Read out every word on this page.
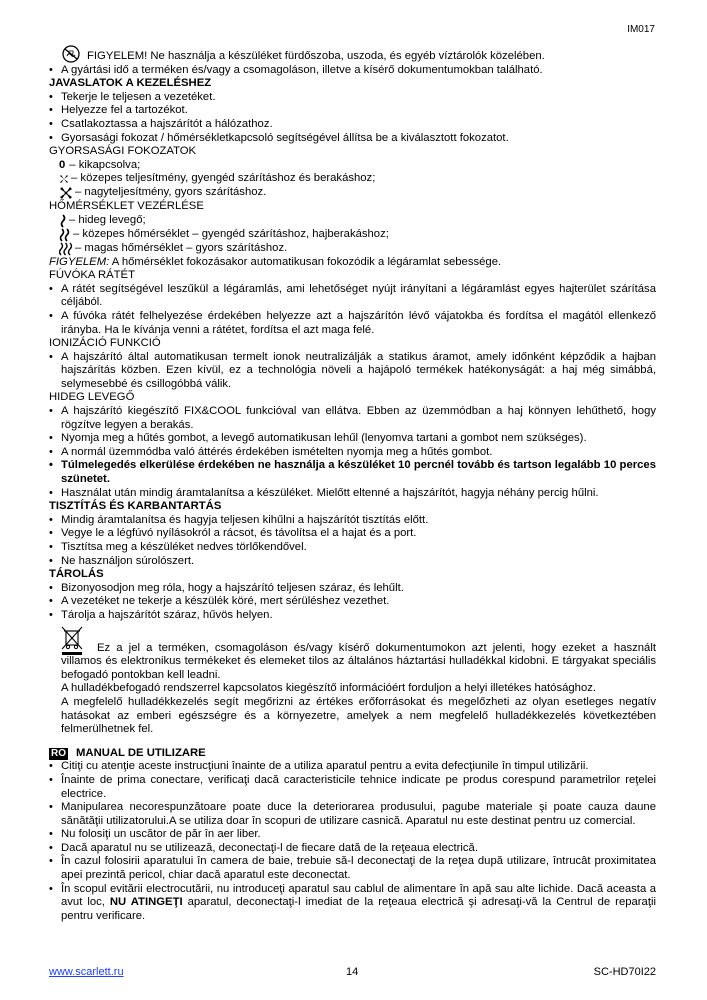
IM017
FIGYELEM! Ne használja a készüléket fürdőszoba, uszoda, és egyéb víztárolók közelében.
• A gyártási idő a terméken és/vagy a csomagoláson, illetve a kísérő dokumentumokban található.

JAVASLATOK A KEZELÉSHEZ

• Tekerje le teljesen a vezetéket.
• Helyezze fel a tartozékot.
• Csatlakoztassa a hajszárítót a hálózathoz.
• Gyorsasági fokozat / hőmérsékletkapcsoló segítségével állítsa be a kiválasztott fokozatot.

GYORSASÁGI FOKOZATOK

0 – kikapcsolva;
– közepes teljesítmény, gyengéd szárításhoz és berakáshoz;
– nagyteljesítmény, gyors szárításhoz.

HŐMÉRSÉKLET VEZÉRLÉSE

– hideg levegő;
– közepes hőmérséklet – gyengéd szárításhoz, hajberakáshoz;
– magas hőmérséklet – gyors szárításhoz.

FIGYELEM: A hőmérséklet fokozásakor automatikusan fokozódik a légáramlat sebessége.

FÚVÓKA RÁTÉT

• A rátét segítségével leszűkül a légáramlás, ami lehetőséget nyújt irányítani a légáramlást egyes hajterület szárítása céljából.
• A fúvóka rátét felhelyezése érdekében helyezze azt a hajszárítón lévő vájatokba és fordítsa el magától ellenkező irányba. Ha le kívánja venni a rátétet, fordítsa el azt maga felé.

IONIZÁCIÓ FUNKCIÓ

• A hajszárító által automatikusan termelt ionok neutralizálják a statikus áramot, amely időnként képződik a hajban hajszárítás közben. Ezen kívül, ez a technológia növeli a hajápoló termékek hatékonyságát: a haj még simábbá, selymesebbé és csillogóbbá válik.

HIDEG LEVEGŐ

• A hajszárító kiegészítő FIX&COOL funkcióval van ellátva. Ebben az üzemmódban a haj könnyen lehűthető, hogy rögzítve legyen a berakás.
• Nyomja meg a hűtés gombot, a levegő automatikusan lehűl (lenyomva tartani a gombot nem szükséges).
• A normál üzemmódba való áttérés érdekében ismételten nyomja meg a hűtés gombot.
• Túlmelegedés elkerülése érdekében ne használja a készüléket 10 percnél tovább és tartson legalább 10 perces szünetet.
• Használat után mindig áramtalanítsa a készüléket. Mielőtt eltenné a hajszárítót, hagyja néhány percig hűlni.

TISZTÍTÁS ÉS KARBANTARTÁS

• Mindig áramtalanítsa és hagyja teljesen kihűlni a hajszárítót tisztítás előtt.
• Vegye le a légfúvó nyílásokról a rácsot, és távolítsa el a hajat és a port.
• Tisztítsa meg a készüléket nedves törlőkendővel.
• Ne használjon súrolószert.

TÁROLÁS

• Bizonyosodjon meg róla, hogy a hajszárító teljesen száraz, és lehűlt.
• A vezetéket ne tekerje a készülék köré, mert sérüléshez vezethet.
• Tárolja a hajszárítót száraz, hűvös helyen.

Ez a jel a terméken, csomagoláson és/vagy kísérő dokumentumokon azt jelenti, hogy ezeket a használt villamos és elektronikus termékeket és elemeket tilos az általános háztartási hulladékkal kidobni. E tárgyakat speciális befogadó pontokban kell leadni.

A hulladékbefogadó rendszerrel kapcsolatos kiegészítő információért forduljon a helyi illetékes hatósághoz.

A megfelelő hulladékkezelés segít megőrizni az értékes erőforrásokat és megelőzheti az olyan esetleges negatív hatásokat az emberi egészségre és a környezetre, amelyek a nem megfelelő hulladékkezelés következtében felmerülhetnek fel.

RO MANUAL DE UTILIZARE
• Citiţi cu atenţie aceste instrucţiuni înainte de a utiliza aparatul pentru a evita defecţiunile în timpul utilizării.
• Înainte de prima conectare, verificaţi dacă caracteristicile tehnice indicate pe produs corespund parametrilor reţelei electrice.
• Manipularea necorespunzătoare poate duce la deteriorarea produsului, pagube materiale şi poate cauza daune sănătăţii utilizatorului.A se utiliza doar în scopuri de utilizare casnică. Aparatul nu este destinat pentru uz comercial.
• Nu folosiţi un uscător de păr în aer liber.
• Dacă aparatul nu se utilizează, deconectaţi-l de fiecare dată de la reţeaua electrică.
• În cazul folosirii aparatului în camera de baie, trebuie să-l deconectaţi de la reţea după utilizare, întrucât proximitatea apei prezintă pericol, chiar dacă aparatul este deconectat.
• În scopul evitării electrocutării, nu introduceţi aparatul sau cablul de alimentare în apă sau alte lichide. Dacă aceasta a avut loc, NU ATINGEŢI aparatul, deconectaţi-l imediat de la reţeaua electrică şi adresaţi-vă la Centrul de reparaţii pentru verificare.
www.scarlett.ru	14	SC-HD70I22
